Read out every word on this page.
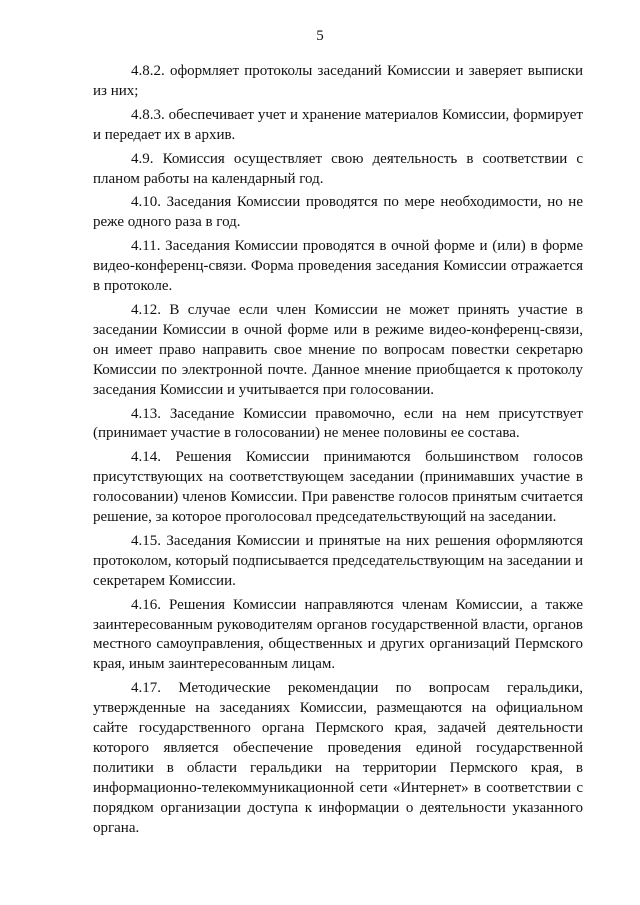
5

4.8.2. оформляет протоколы заседаний Комиссии и заверяет выписки из них;

4.8.3. обеспечивает учет и хранение материалов Комиссии, формирует и передает их в архив.

4.9. Комиссия осуществляет свою деятельность в соответствии с планом работы на календарный год.

4.10. Заседания Комиссии проводятся по мере необходимости, но не реже одного раза в год.

4.11. Заседания Комиссии проводятся в очной форме и (или) в форме видео-конференц-связи. Форма проведения заседания Комиссии отражается в протоколе.

4.12. В случае если член Комиссии не может принять участие в заседании Комиссии в очной форме или в режиме видео-конференц-связи, он имеет право направить свое мнение по вопросам повестки секретарю Комиссии по электронной почте. Данное мнение приобщается к протоколу заседания Комиссии и учитывается при голосовании.

4.13. Заседание Комиссии правомочно, если на нем присутствует (принимает участие в голосовании) не менее половины ее состава.

4.14. Решения Комиссии принимаются большинством голосов присутствующих на соответствующем заседании (принимавших участие в голосовании) членов Комиссии. При равенстве голосов принятым считается решение, за которое проголосовал председательствующий на заседании.

4.15. Заседания Комиссии и принятые на них решения оформляются протоколом, который подписывается председательствующим на заседании и секретарем Комиссии.

4.16. Решения Комиссии направляются членам Комиссии, а также заинтересованным руководителям органов государственной власти, органов местного самоуправления, общественных и других организаций Пермского края, иным заинтересованным лицам.

4.17. Методические рекомендации по вопросам геральдики, утвержденные на заседаниях Комиссии, размещаются на официальном сайте государственного органа Пермского края, задачей деятельности которого является обеспечение проведения единой государственной политики в области геральдики на территории Пермского края, в информационно-телекоммуникационной сети «Интернет» в соответствии с порядком организации доступа к информации о деятельности указанного органа.
